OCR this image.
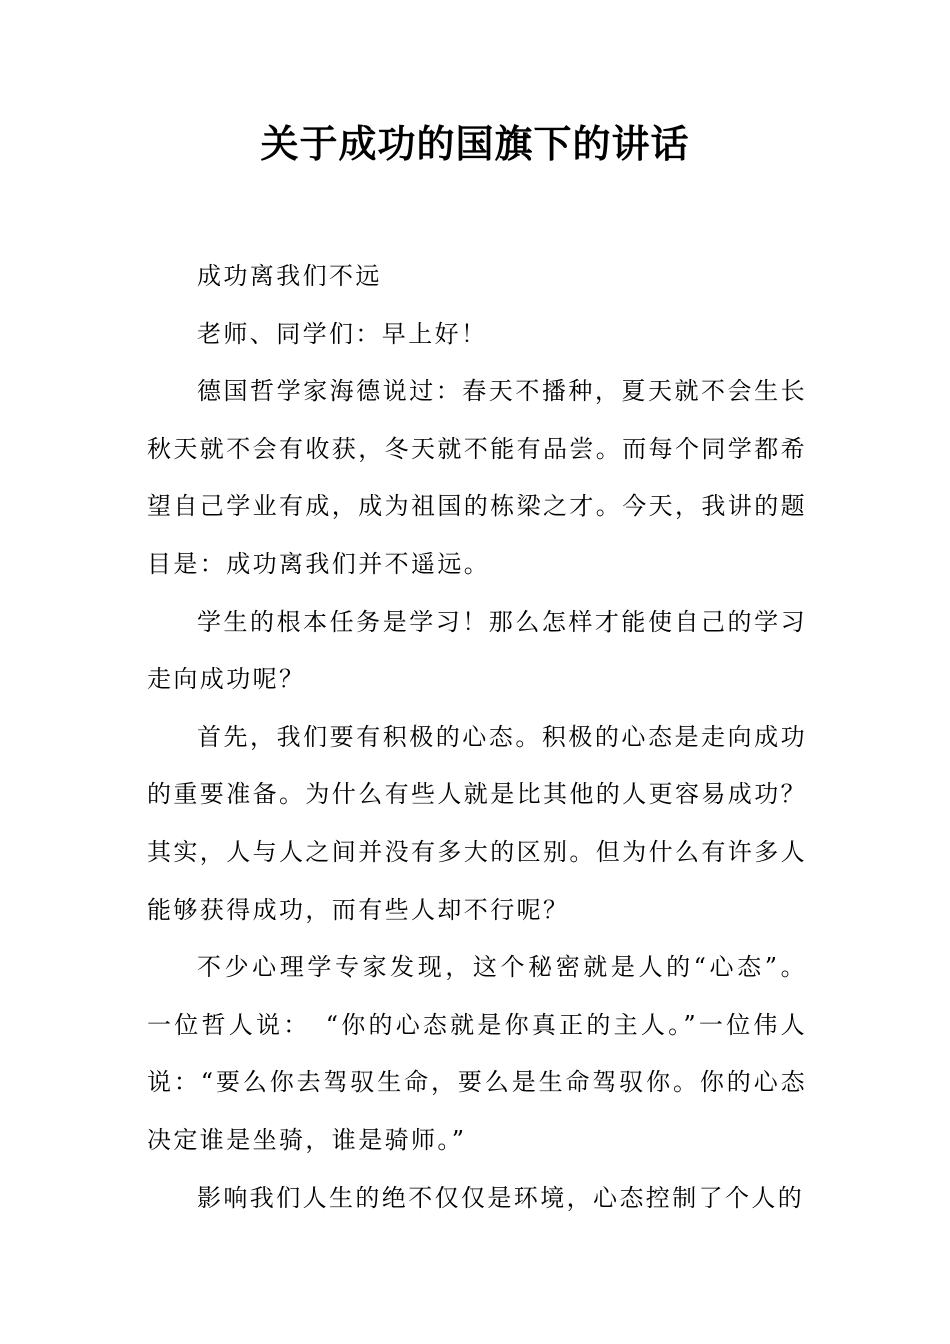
关于成功的国旗下的讲话

成功离我们不远

老师、同学们：早上好！

德国哲学家海德说过：春天不播种，夏天就不会生长秋天就不会有收获，冬天就不能有品尝。而每个同学都希望自己学业有成，成为祖国的栋梁之才。今天，我讲的题目是：成功离我们并不遥远。

学生的根本任务是学习！那么怎样才能使自己的学习走向成功呢？

首先，我们要有积极的心态。积极的心态是走向成功的重要准备。为什么有些人就是比其他的人更容易成功？其实，人与人之间并没有多大的区别。但为什么有许多人能够获得成功，而有些人却不行呢？

不少心理学专家发现，这个秘密就是人的“心态”。一位哲人说：　“你的心态就是你真正的主人。”一位伟人说：“要么你去驾驭生命，要么是生命驾驭你。你的心态决定谁是坐骑，谁是骑师。”

影响我们人生的绝不仅仅是环境，心态控制了个人的
